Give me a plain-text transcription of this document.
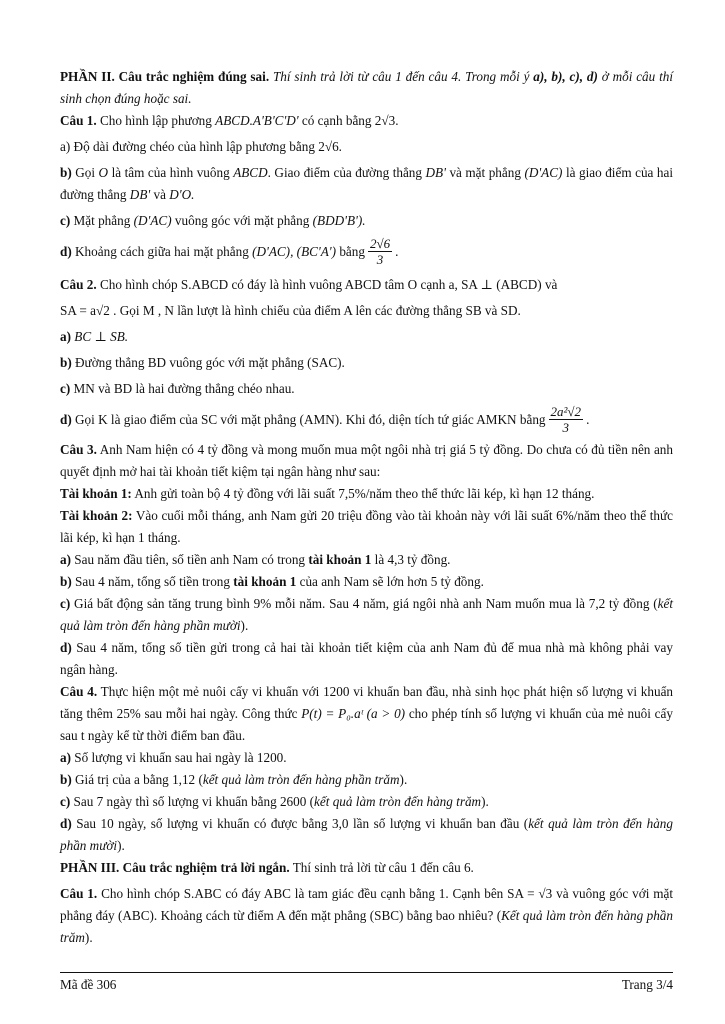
PHẦN II. Câu trắc nghiệm đúng sai. Thí sinh trả lời từ câu 1 đến câu 4. Trong mỗi ý a), b), c), d) ở mỗi câu thí sinh chọn đúng hoặc sai.
Câu 1. Cho hình lập phương ABCD.A'B'C'D' có cạnh bằng 2√3.
a) Độ dài đường chéo của hình lập phương bằng 2√6.
b) Gọi O là tâm của hình vuông ABCD. Giao điểm của đường thẳng DB' và mặt phẳng (D'AC) là giao điểm của hai đường thẳng DB' và D'O.
c) Mặt phẳng (D'AC) vuông góc với mặt phẳng (BDD'B').
d) Khoảng cách giữa hai mặt phẳng (D'AC), (BC'A') bằng $\frac{2√6}{3}$ .
Câu 2. Cho hình chóp S.ABCD có đáy là hình vuông ABCD tâm O cạnh a, SA ⊥ (ABCD) và
SA = a√2 . Gọi M , N lần lượt là hình chiếu của điểm A lên các đường thẳng SB và SD.
a) BC ⊥ SB.
b) Đường thẳng BD vuông góc với mặt phẳng (SAC).
c) MN và BD là hai đường thẳng chéo nhau.
d) Gọi K là giao điểm của SC với mặt phẳng (AMN). Khi đó, diện tích tứ giác AMKN bằng $\frac{\text{2a²√2}}{3}$ .
Câu 3. Anh Nam hiện có 4 tỷ đồng và mong muốn mua một ngôi nhà trị giá 5 tỷ đồng. Do chưa có đủ tiền nên anh quyết định mở hai tài khoản tiết kiệm tại ngân hàng như sau:
Tài khoản 1: Anh gửi toàn bộ 4 tỷ đồng với lãi suất 7,5%/năm theo thể thức lãi kép, kì hạn 12 tháng.
Tài khoản 2: Vào cuối mỗi tháng, anh Nam gửi 20 triệu đồng vào tài khoản này với lãi suất 6%/năm theo thể thức lãi kép, kì hạn 1 tháng.
a) Sau năm đầu tiên, số tiền anh Nam có trong tài khoản 1 là 4,3 tỷ đồng.
b) Sau 4 năm, tổng số tiền trong tài khoản 1 của anh Nam sẽ lớn hơn 5 tỷ đồng.
c) Giá bất động sản tăng trung bình 9% mỗi năm. Sau 4 năm, giá ngôi nhà anh Nam muốn mua là 7,2 tỷ đồng (kết quả làm tròn đến hàng phần mười).
d) Sau 4 năm, tổng số tiền gửi trong cả hai tài khoản tiết kiệm của anh Nam đủ để mua nhà mà không phải vay ngân hàng.
Câu 4. Thực hiện một mẻ nuôi cấy vi khuẩn với 1200 vi khuẩn ban đầu, nhà sinh học phát hiện số lượng vi khuẩn tăng thêm 25% sau mỗi hai ngày. Công thức P(t) = P₀.aᵗ (a > 0) cho phép tính số lượng vi khuẩn của mẻ nuôi cấy sau t ngày kể từ thời điểm ban đầu.
a) Số lượng vi khuẩn sau hai ngày là 1200.
b) Giá trị của a bằng 1,12 (kết quả làm tròn đến hàng phần trăm).
c) Sau 7 ngày thì số lượng vi khuẩn bằng 2600 (kết quả làm tròn đến hàng trăm).
d) Sau 10 ngày, số lượng vi khuẩn có được bằng 3,0 lần số lượng vi khuẩn ban đầu (kết quả làm tròn đến hàng phần mười).
PHẦN III. Câu trắc nghiệm trả lời ngắn. Thí sinh trả lời từ câu 1 đến câu 6.
Câu 1. Cho hình chóp S.ABC có đáy ABC là tam giác đều cạnh bằng 1. Cạnh bên SA = √3 và vuông góc với mặt phẳng đáy (ABC). Khoảng cách từ điểm A đến mặt phẳng (SBC) bằng bao nhiêu? (Kết quả làm tròn đến hàng phần trăm).
Mã đề 306	Trang 3/4
